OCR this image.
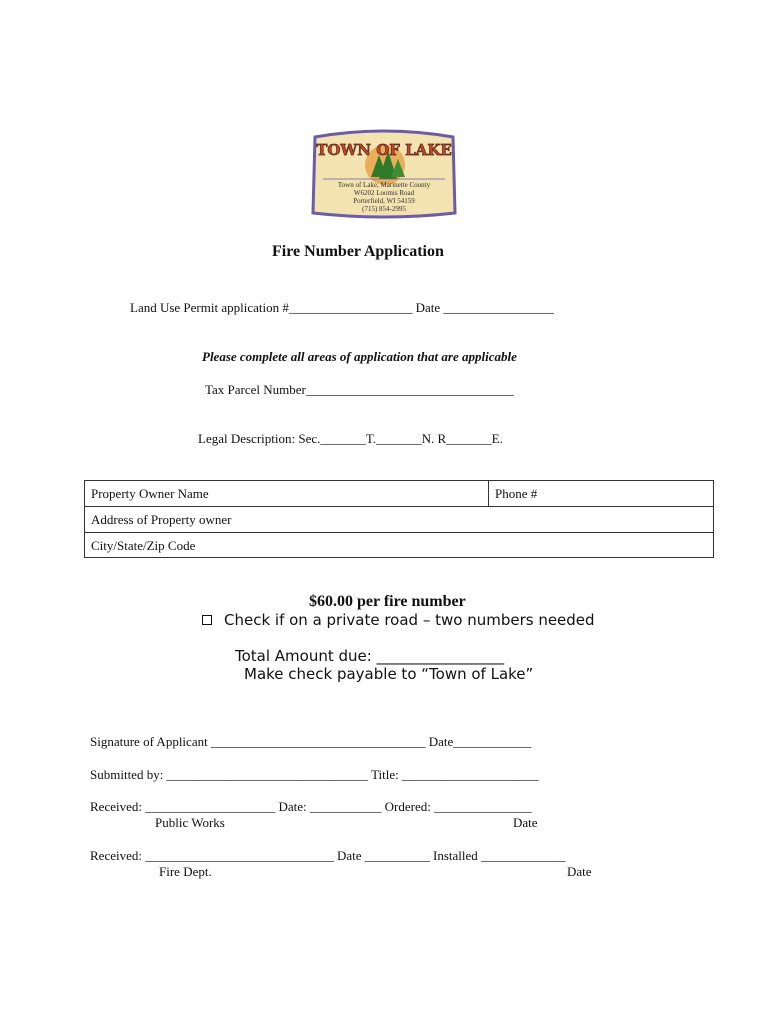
TOWN OF LAKE
Town of Lake, Marinette County
W6202 Loomis Road
Porterfield, WI 54159
(715) 854-2995
Fire Number Application
Land Use Permit application #___________________ Date _________________
Please complete all areas of application that are applicable
Tax Parcel Number________________________________
Legal Description: Sec._______T._______N. R_______E.
Property Owner Name	Phone #
Address of Property owner
City/State/Zip Code
$60.00 per fire number
Check if on a private road – two numbers needed
Total Amount due: _________________
Make check payable to “Town of Lake”
Signature of Applicant _________________________________ Date____________
Submitted by: _______________________________ Title: _____________________
Received: ____________________ Date: ___________ Ordered: _______________
Public Works	Date
Received: _____________________________ Date __________ Installed _____________
Fire Dept.	Date
